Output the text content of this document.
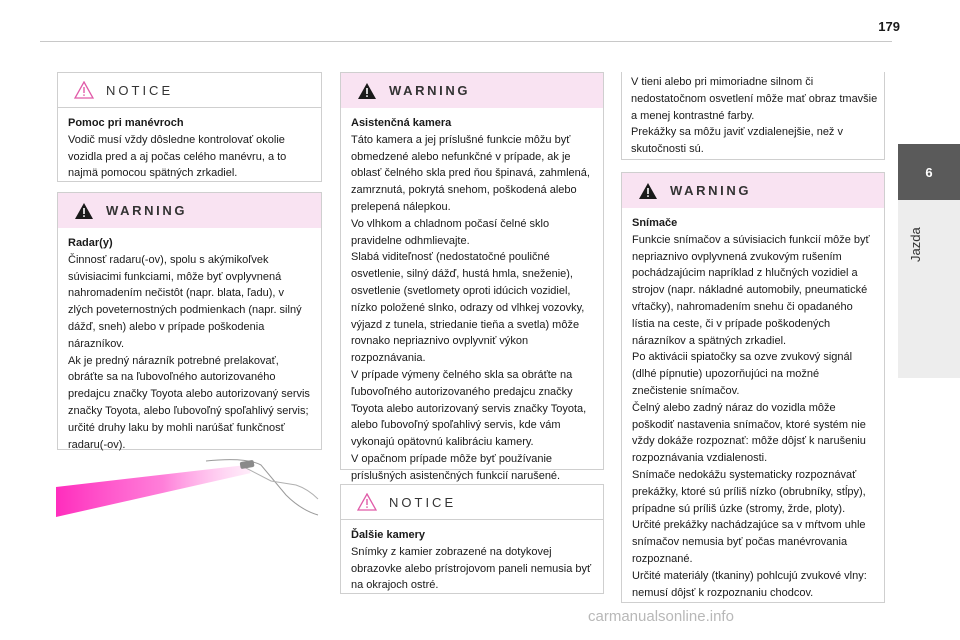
179
6
Jazda
NOTICE

Pomoc pri manévroch

Vodič musí vždy dôsledne kontrolovať okolie vozidla pred a aj počas celého manévru, a to najmä pomocou spätných zrkadiel.

WARNING

Radar(y)

Činnosť radaru(-ov), spolu s akýmikoľvek súvisiacimi funkciami, môže byť ovplyvnená nahromadením nečistôt (napr. blata, ľadu), v zlých poveternostných podmienkach (napr. silný dážď, sneh) alebo v prípade poškodenia nárazníkov.

Ak je predný nárazník potrebné prelakovať, obráťte sa na ľubovoľného autorizovaného predajcu značky Toyota alebo autorizovaný servis značky Toyota, alebo ľubovoľný spoľahlivý servis; určité druhy laku by mohli narúšať funkčnosť radaru(-ov).

WARNING

Asistenčná kamera

Táto kamera a jej príslušné funkcie môžu byť obmedzené alebo nefunkčné v prípade, ak je oblasť čelného skla pred ňou špinavá, zahmlená, zamrznutá, pokrytá snehom, poškodená alebo prelepená nálepkou.

Vo vlhkom a chladnom počasí čelné sklo pravidelne odhmlievajte.

Slabá viditeľnosť (nedostatočné pouličné osvetlenie, silný dážď, hustá hmla, sneženie), osvetlenie (svetlomety oproti idúcich vozidiel, nízko položené slnko, odrazy od vlhkej vozovky, výjazd z tunela, striedanie tieňa a svetla) môže rovnako nepriaznivo ovplyvniť výkon rozpoznávania.

V prípade výmeny čelného skla sa obráťte na ľubovoľného autorizovaného predajcu značky Toyota alebo autorizovaný servis značky Toyota, alebo ľubovoľný spoľahlivý servis, kde vám vykonajú opätovnú kalibráciu kamery.

V opačnom prípade môže byť používanie príslušných asistenčných funkcií narušené.

NOTICE

Ďalšie kamery

Snímky z kamier zobrazené na dotykovej obrazovke alebo prístrojovom paneli nemusia byť na okrajoch ostré.

V tieni alebo pri mimoriadne silnom či nedostatočnom osvetlení môže mať obraz tmavšie a menej kontrastné farby.
Prekážky sa môžu javiť vzdialenejšie, než v skutočnosti sú.
WARNING

Snímače

Funkcie snímačov a súvisiacich funkcií môže byť nepriaznivo ovplyvnená zvukovým rušením pochádzajúcim napríklad z hlučných vozidiel a strojov (napr. nákladné automobily, pneumatické vŕtačky), nahromadením snehu či opadaného lístia na ceste, či v prípade poškodených nárazníkov a spätných zrkadiel.

Po aktivácii spiatočky sa ozve zvukový signál (dlhé pípnutie) upozorňujúci na možné znečistenie snímačov.

Čelný alebo zadný náraz do vozidla môže poškodiť nastavenia snímačov, ktoré systém nie vždy dokáže rozpoznať: môže dôjsť k narušeniu rozpoznávania vzdialenosti.

Snímače nedokážu systematicky rozpoznávať prekážky, ktoré sú príliš nízko (obrubníky, stĺpy), prípadne sú príliš úzke (stromy, žrde, ploty).

Určité prekážky nachádzajúce sa v mŕtvom uhle snímačov nemusia byť počas manévrovania rozpoznané.

Určité materiály (tkaniny) pohlcujú zvukové vlny: nemusí dôjsť k rozpoznaniu chodcov.

carmanualsonline.info
